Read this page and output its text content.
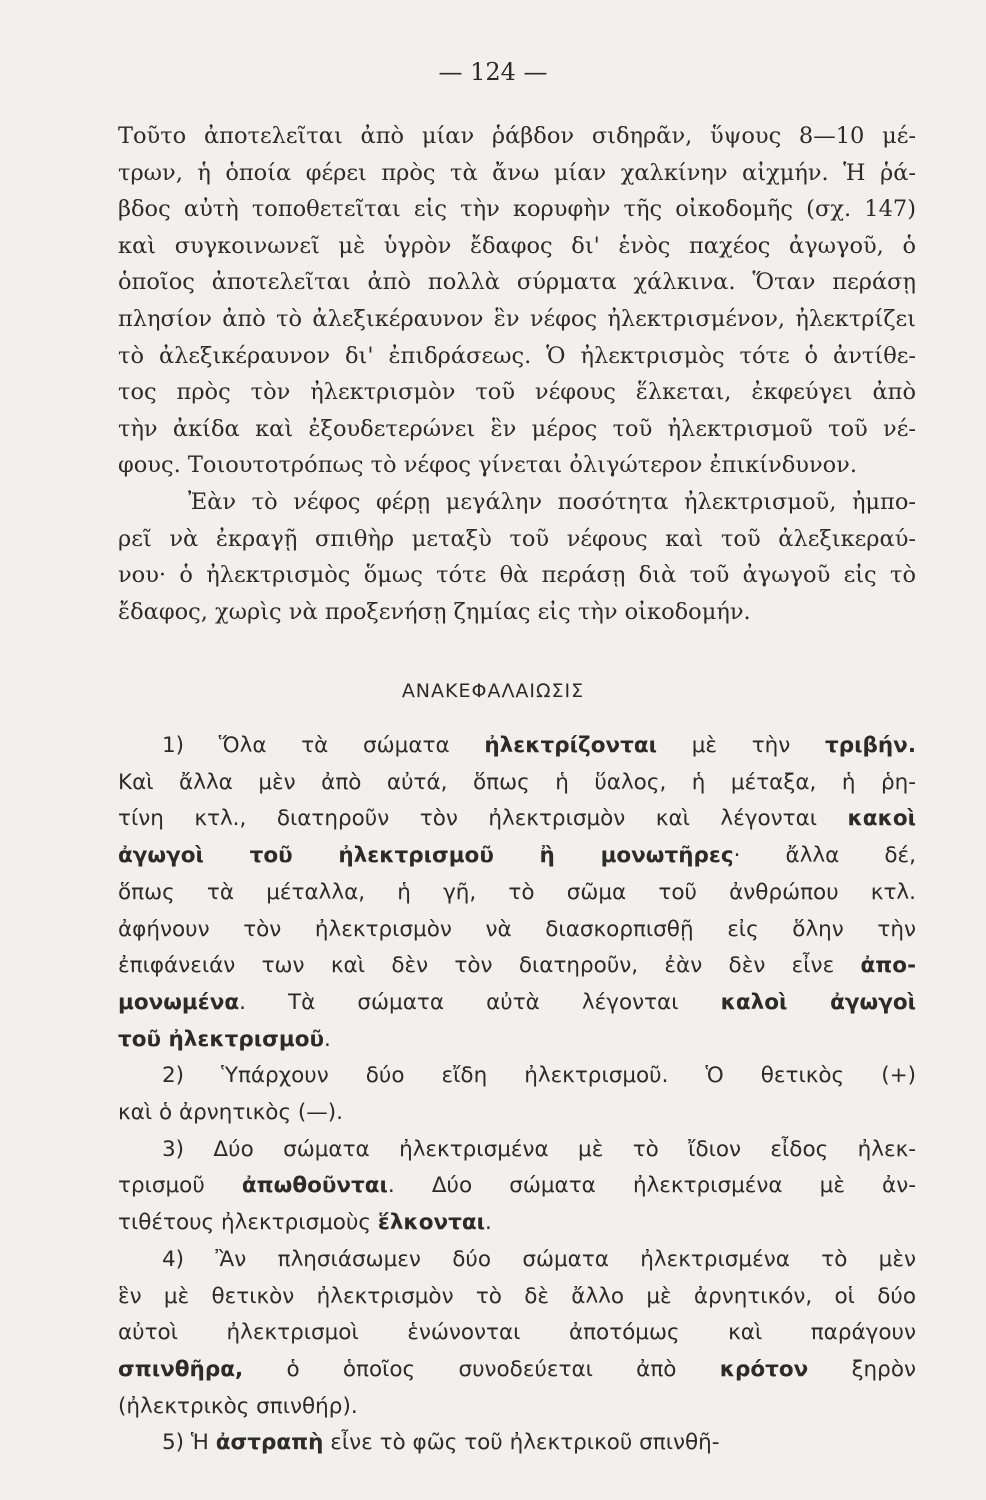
— 124 —
Τοῦτο ἀποτελεῖται ἀπὸ μίαν ῥάβδον σιδηρᾶν, ὕψους 8—10 μέ-
τρων, ἡ ὁποία φέρει πρὸς τὰ ἄνω μίαν χαλκίνην αἰχμήν. Ἡ ῥά-
βδος αὐτὴ τοποθετεῖται εἰς τὴν κορυφὴν τῆς οἰκοδομῆς (σχ. 147)
καὶ συγκοινωνεῖ μὲ ὑγρὸν ἔδαφος δι' ἑνὸς παχέος ἀγωγοῦ, ὁ
ὁποῖος ἀποτελεῖται ἀπὸ πολλὰ σύρματα χάλκινα. Ὅταν περάσῃ
πλησίον ἀπὸ τὸ ἀλεξικέραυνον ἓν νέφος ἠλεκτρισμένον, ἠλεκτρίζει
τὸ ἀλεξικέραυνον δι' ἐπιδράσεως. Ὁ ἠλεκτρισμὸς τότε ὁ ἀντίθε-
τος πρὸς τὸν ἠλεκτρισμὸν τοῦ νέφους ἕλκεται, ἐκφεύγει ἀπὸ
τὴν ἀκίδα καὶ ἐξουδετερώνει ἓν μέρος τοῦ ἠλεκτρισμοῦ τοῦ νέ-
φους. Τοιουτοτρόπως τὸ νέφος γίνεται ὀλιγώτερον ἐπικίνδυνον.
Ἐὰν τὸ νέφος φέρῃ μεγάλην ποσότητα ἠλεκτρισμοῦ, ἠμπο-
ρεῖ νὰ ἐκραγῇ σπιθὴρ μεταξὺ τοῦ νέφους καὶ τοῦ ἀλεξικεραύ-
νου· ὁ ἠλεκτρισμὸς ὅμως τότε θὰ περάσῃ διὰ τοῦ ἀγωγοῦ εἰς τὸ
ἔδαφος, χωρὶς νὰ προξενήσῃ ζημίας εἰς τὴν οἰκοδομήν.
ΑΝΑΚΕΦΑΛΑΙΩΣΙΣ
1) Ὅλα τὰ σώματα ἠλεκτρίζονται μὲ τὴν τριβήν.
Καὶ ἄλλα μὲν ἀπὸ αὐτά, ὅπως ἡ ὕαλος, ἡ μέταξα, ἡ ῥη-
τίνη κτλ., διατηροῦν τὸν ἠλεκτρισμὸν καὶ λέγονται κακοὶ
ἀγωγοὶ τοῦ ἠλεκτρισμοῦ ἢ μονωτῆρες· ἄλλα δέ,
ὅπως τὰ μέταλλα, ἡ γῆ, τὸ σῶμα τοῦ ἀνθρώπου κτλ.
ἀφήνουν τὸν ἠλεκτρισμὸν νὰ διασκορπισθῇ εἰς ὅλην τὴν
ἐπιφάνειάν των καὶ δὲν τὸν διατηροῦν, ἐὰν δὲν εἶνε ἀπο-
μονωμένα. Τὰ σώματα αὐτὰ λέγονται καλοὶ ἀγωγοὶ
τοῦ ἠλεκτρισμοῦ.
2) Ὑπάρχουν δύο εἴδη ἠλεκτρισμοῦ. Ὁ θετικὸς (+)
καὶ ὁ ἀρνητικὸς (—).
3) Δύο σώματα ἠλεκτρισμένα μὲ τὸ ἴδιον εἶδος ἠλεκ-
τρισμοῦ ἀπωθοῦνται. Δύο σώματα ἠλεκτρισμένα μὲ ἀν-
τιθέτους ἠλεκτρισμοὺς ἕλκονται.
4) Ἂν πλησιάσωμεν δύο σώματα ἠλεκτρισμένα τὸ μὲν
ἓν μὲ θετικὸν ἠλεκτρισμὸν τὸ δὲ ἄλλο μὲ ἀρνητικόν, οἱ δύο
αὐτοὶ ἠλεκτρισμοὶ ἑνώνονται ἀποτόμως καὶ παράγουν
σπινθῆρα, ὁ ὁποῖος συνοδεύεται ἀπὸ κρότον ξηρὸν
(ἠλεκτρικὸς σπινθήρ).
5) Ἡ ἀστραπὴ εἶνε τὸ φῶς τοῦ ἠλεκτρικοῦ σπινθῆ-
